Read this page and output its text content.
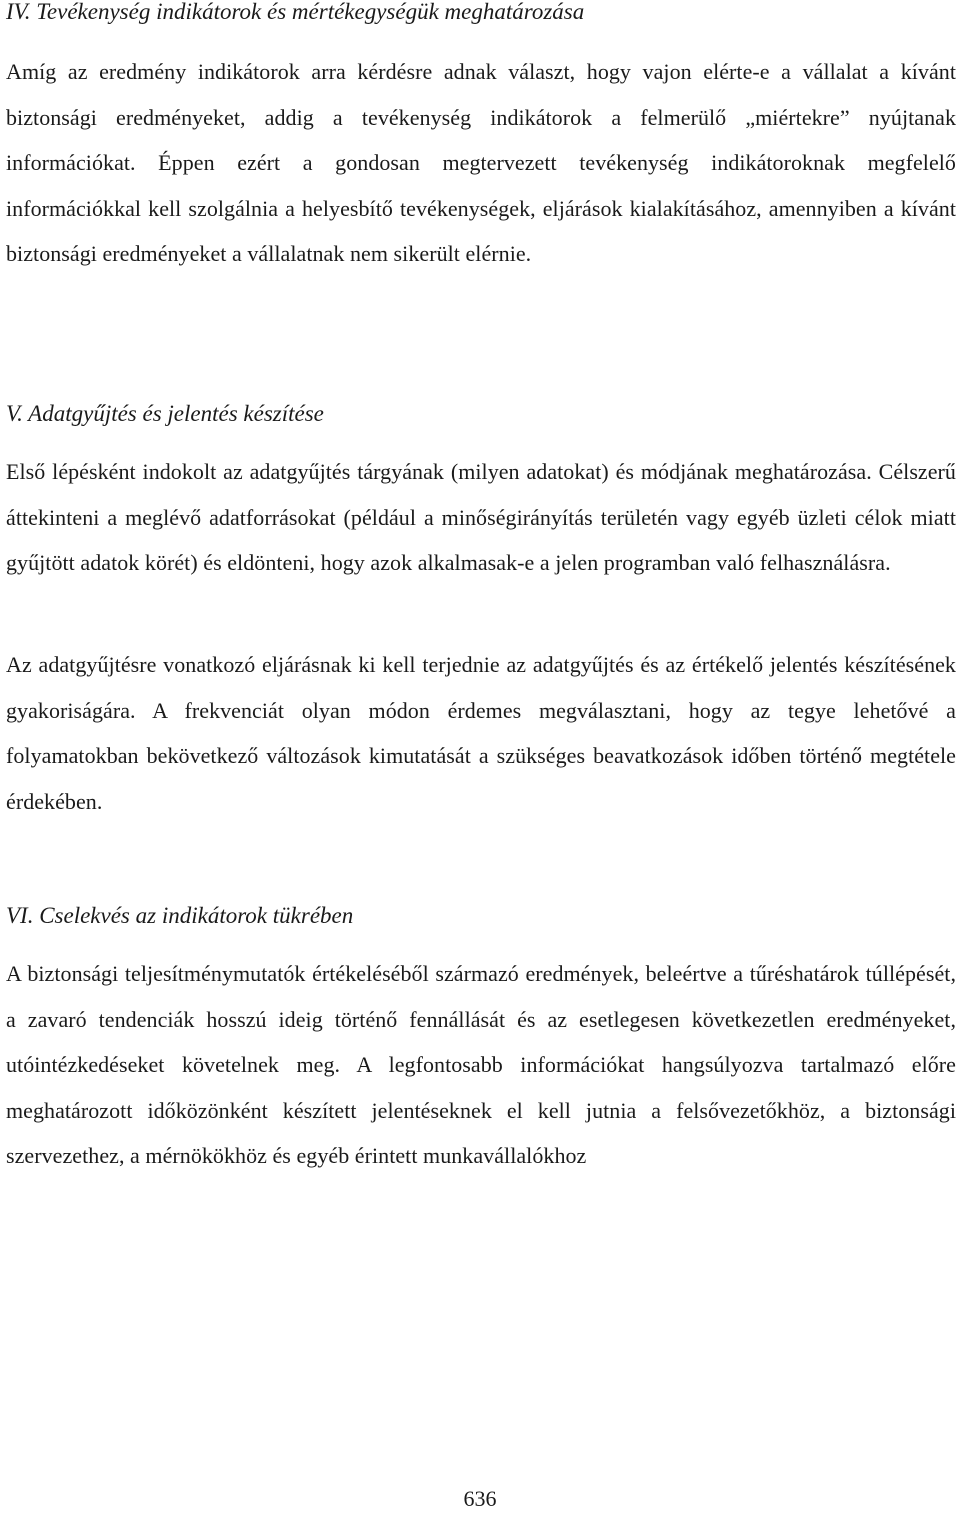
IV. Tevékenység indikátorok és mértékegységük meghatározása

Amíg az eredmény indikátorok arra kérdésre adnak választ, hogy vajon elérte-e a vállalat a kívánt biztonsági eredményeket, addig a tevékenység indikátorok a felmerülő „miértekre” nyújtanak információkat. Éppen ezért a gondosan megtervezett tevékenység indikátoroknak megfelelő információkkal kell szolgálnia a helyesbítő tevékenységek, eljárások kialakításához, amennyiben a kívánt biztonsági eredményeket a vállalatnak nem sikerült elérnie.

V. Adatgyűjtés és jelentés készítése

Első lépésként indokolt az adatgyűjtés tárgyának (milyen adatokat) és módjának meghatározása. Célszerű áttekinteni a meglévő adatforrásokat (például a minőségirányítás területén vagy egyéb üzleti célok miatt gyűjtött adatok körét) és eldönteni, hogy azok alkalmasak-e a jelen programban való felhasználásra.

Az adatgyűjtésre vonatkozó eljárásnak ki kell terjednie az adatgyűjtés és az értékelő jelentés készítésének gyakoriságára. A frekvenciát olyan módon érdemes megválasztani, hogy az tegye lehetővé a folyamatokban bekövetkező változások kimutatását a szükséges beavatkozások időben történő megtétele érdekében.

VI. Cselekvés az indikátorok tükrében

A biztonsági teljesítménymutatók értékeléséből származó eredmények, beleértve a tűréshatárok túllépését, a zavaró tendenciák hosszú ideig történő fennállását és az esetlegesen következetlen eredményeket, utóintézkedéseket követelnek meg. A legfontosabb információkat hangsúlyozva tartalmazó előre meghatározott időközönként készített jelentéseknek el kell jutnia a felsővezetőkhöz, a biztonsági szervezethez, a mérnökökhöz és egyéb érintett munkavállalókhoz

636
